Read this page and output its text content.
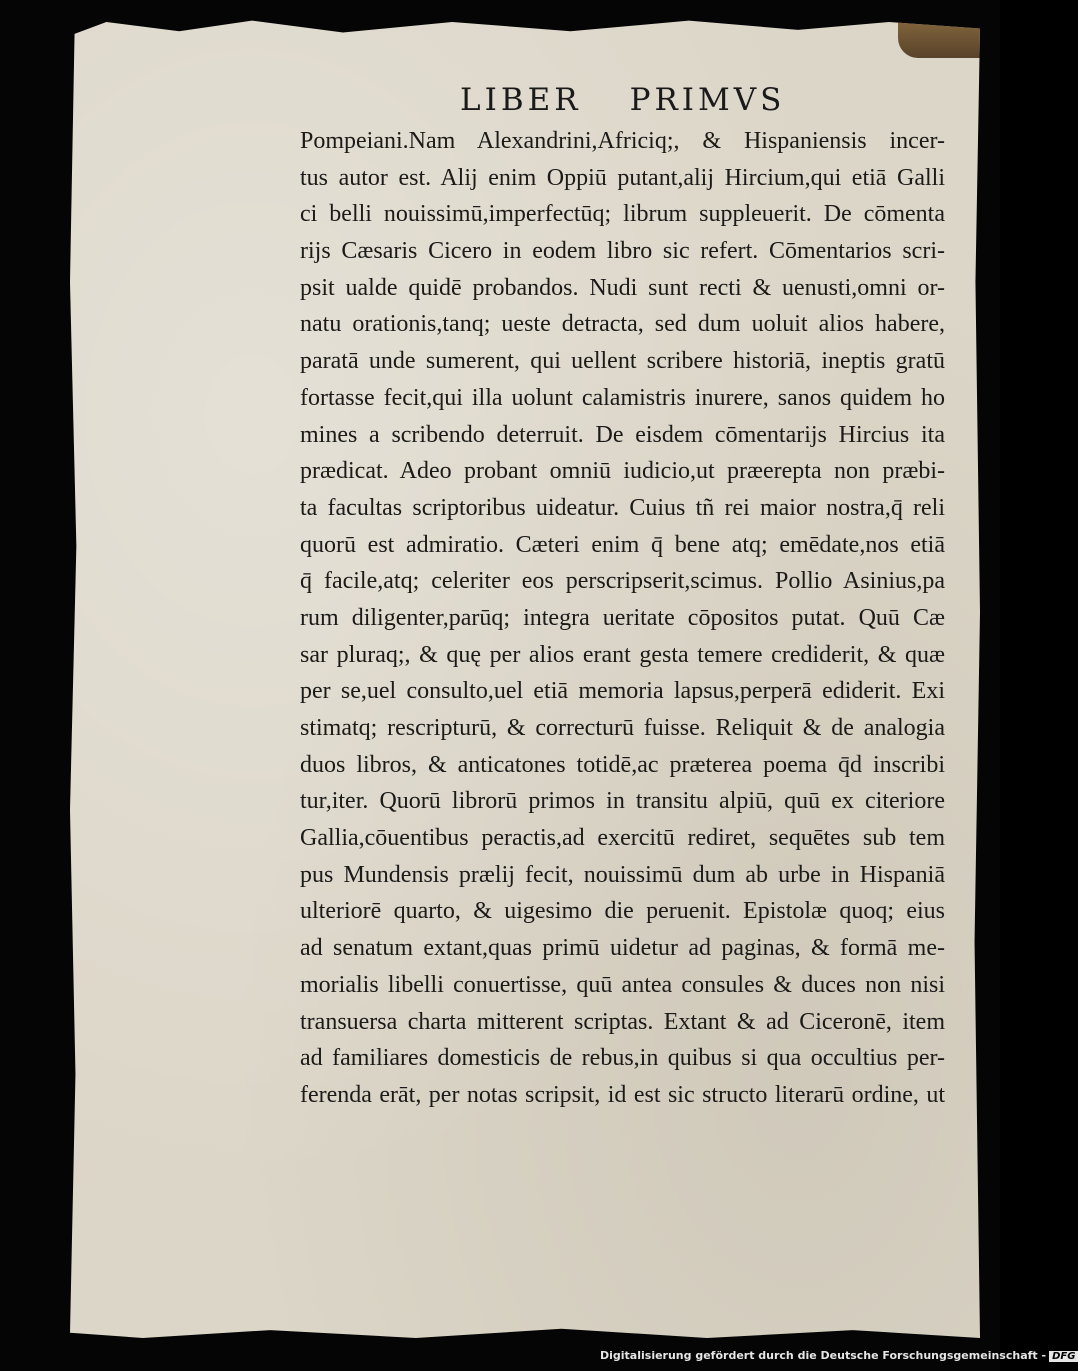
LIBER PRIMVS
Pompeiani.Nam Alexandrini,Africiq;, & Hispaniensis incer-
tus autor est. Alij enim Oppiū putant,alij Hircium,qui etiā Galli
ci belli nouissimū,imperfectūq; librum suppleuerit. De cōmenta
rijs Cæsaris Cicero in eodem libro sic refert. Cōmentarios scri-
psit ualde quidē probandos. Nudi sunt recti & uenusti,omni or-
natu orationis,tanq; ueste detracta, sed dum uoluit alios habere,
paratā unde sumerent, qui uellent scribere historiā, ineptis gratū
fortasse fecit,qui illa uolunt calamistris inurere, sanos quidem ho
mines a scribendo deterruit. De eisdem cōmentarijs Hircius ita
prædicat. Adeo probant omniū iudicio,ut præerepta non præbi-
ta facultas scriptoribus uideatur. Cuius tñ rei maior nostra,q̄ reli
quorū est admiratio. Cæteri enim q̄ bene atq; emēdate,nos etiā
q̄ facile,atq; celeriter eos perscripserit,scimus. Pollio Asinius,pa
rum diligenter,parūq; integra ueritate cōpositos putat. Quū Cæ
sar pluraq;, & quę per alios erant gesta temere crediderit, & quæ
per se,uel consulto,uel etiā memoria lapsus,perperā ediderit. Exi
stimatq; rescripturū, & correcturū fuisse. Reliquit & de analogia
duos libros, & anticatones totidē,ac præterea poema q̄d inscribi
tur,iter. Quorū librorū primos in transitu alpiū, quū ex citeriore
Gallia,cōuentibus peractis,ad exercitū rediret, sequētes sub tem
pus Mundensis prælij fecit, nouissimū dum ab urbe in Hispaniā
ulteriorē quarto, & uigesimo die peruenit. Epistolæ quoq; eius
ad senatum extant,quas primū uidetur ad paginas, & formā me-
morialis libelli conuertisse, quū antea consules & duces non nisi
transuersa charta mitterent scriptas. Extant & ad Ciceronē, item
ad familiares domesticis de rebus,in quibus si qua occultius per-
ferenda erāt, per notas scripsit, id est sic structo literarū ordine, ut
Digitalisierung gefördert durch die Deutsche Forschungsgemeinschaft - DFG
